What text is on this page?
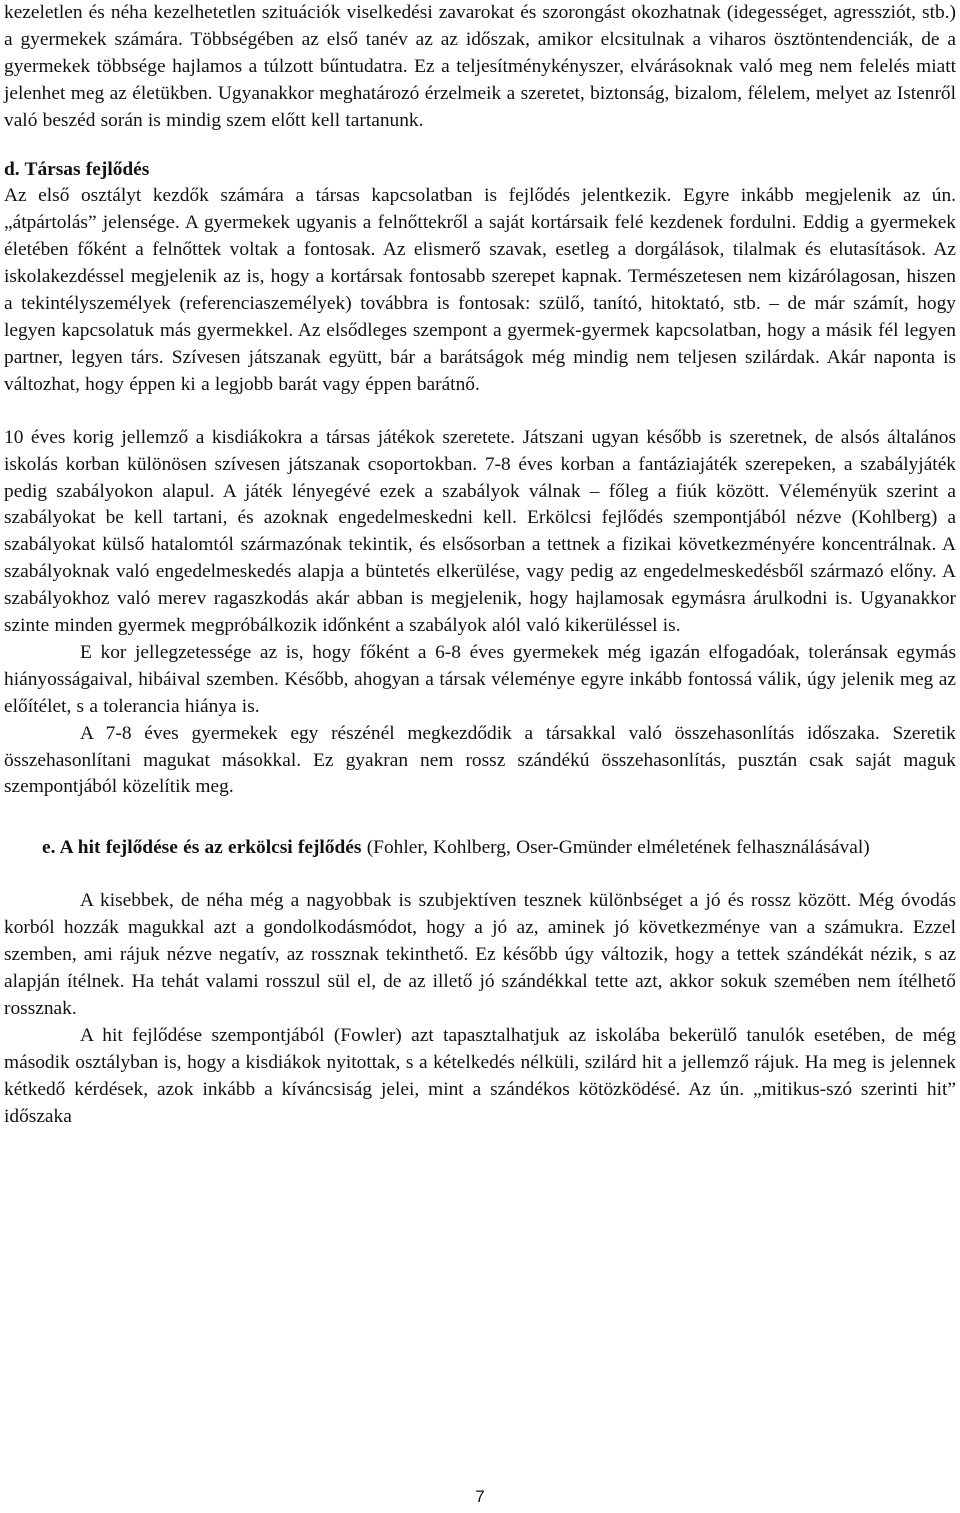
kezeletlen és néha kezelhetetlen szituációk viselkedési zavarokat és szorongást okozhatnak (idegességet, agressziót, stb.) a gyermekek számára. Többségében az első tanév az az időszak, amikor elcsitulnak a viharos ösztöntendenciák, de a gyermekek többsége hajlamos a túlzott bűntudatra. Ez a teljesítménykényszer, elvárásoknak való meg nem felelés miatt jelenhet meg az életükben. Ugyanakkor meghatározó érzelmeik a szeretet, biztonság, bizalom, félelem, melyet az Istenről való beszéd során is mindig szem előtt kell tartanunk.

d. Társas fejlődés

Az első osztályt kezdők számára a társas kapcsolatban is fejlődés jelentkezik. Egyre inkább megjelenik az ún. „átpártolás” jelensége. A gyermekek ugyanis a felnőttekről a saját kortársaik felé kezdenek fordulni. Eddig a gyermekek életében főként a felnőttek voltak a fontosak. Az elismerő szavak, esetleg a dorgálások, tilalmak és elutasítások. Az iskolakezdéssel megjelenik az is, hogy a kortársak fontosabb szerepet kapnak. Természetesen nem kizárólagosan, hiszen a tekintélyszemélyek (referenciaszemélyek) továbbra is fontosak: szülő, tanító, hitoktató, stb. – de már számít, hogy legyen kapcsolatuk más gyermekkel. Az elsődleges szempont a gyermek-gyermek kapcsolatban, hogy a másik fél legyen partner, legyen társ. Szívesen játszanak együtt, bár a barátságok még mindig nem teljesen szilárdak. Akár naponta is változhat, hogy éppen ki a legjobb barát vagy éppen barátnő.

10 éves korig jellemző a kisdiákokra a társas játékok szeretete. Játszani ugyan később is szeretnek, de alsós általános iskolás korban különösen szívesen játszanak csoportokban. 7-8 éves korban a fantáziajáték szerepeken, a szabályjáték pedig szabályokon alapul. A játék lényegévé ezek a szabályok válnak – főleg a fiúk között. Véleményük szerint a szabályokat be kell tartani, és azoknak engedelmeskedni kell. Erkölcsi fejlődés szempontjából nézve (Kohlberg) a szabályokat külső hatalomtól származónak tekintik, és elsősorban a tettnek a fizikai következményére koncentrálnak. A szabályoknak való engedelmeskedés alapja a büntetés elkerülése, vagy pedig az engedelmeskedésből származó előny. A szabályokhoz való merev ragaszkodás akár abban is megjelenik, hogy hajlamosak egymásra árulkodni is. Ugyanakkor szinte minden gyermek megpróbálkozik időnként a szabályok alól való kikerüléssel is.

E kor jellegzetessége az is, hogy főként a 6-8 éves gyermekek még igazán elfogadóak, toleránsak egymás hiányosságaival, hibáival szemben. Később, ahogyan a társak véleménye egyre inkább fontossá válik, úgy jelenik meg az előítélet, s a tolerancia hiánya is.

A 7-8 éves gyermekek egy részénél megkezdődik a társakkal való összehasonlítás időszaka. Szeretik összehasonlítani magukat másokkal. Ez gyakran nem rossz szándékú összehasonlítás, pusztán csak saját maguk szempontjából közelítik meg.

e. A hit fejlődése és az erkölcsi fejlődés (Fohler, Kohlberg, Oser-Gmünder elméletének felhasználásával)

A kisebbek, de néha még a nagyobbak is szubjektíven tesznek különbséget a jó és rossz között. Még óvodás korból hozzák magukkal azt a gondolkodásmódot, hogy a jó az, aminek jó következménye van a számukra. Ezzel szemben, ami rájuk nézve negatív, az rossznak tekinthető. Ez később úgy változik, hogy a tettek szándékát nézik, s az alapján ítélnek. Ha tehát valami rosszul sül el, de az illető jó szándékkal tette azt, akkor sokuk szemében nem ítélhető rossznak.

A hit fejlődése szempontjából (Fowler) azt tapasztalhatjuk az iskolába bekerülő tanulók esetében, de még második osztályban is, hogy a kisdiákok nyitottak, s a kételkedés nélküli, szilárd hit a jellemző rájuk. Ha meg is jelennek kétkedő kérdések, azok inkább a kíváncsiság jelei, mint a szándékos kötözködésé. Az ún. „mitikus-szó szerinti hit” időszaka

7
